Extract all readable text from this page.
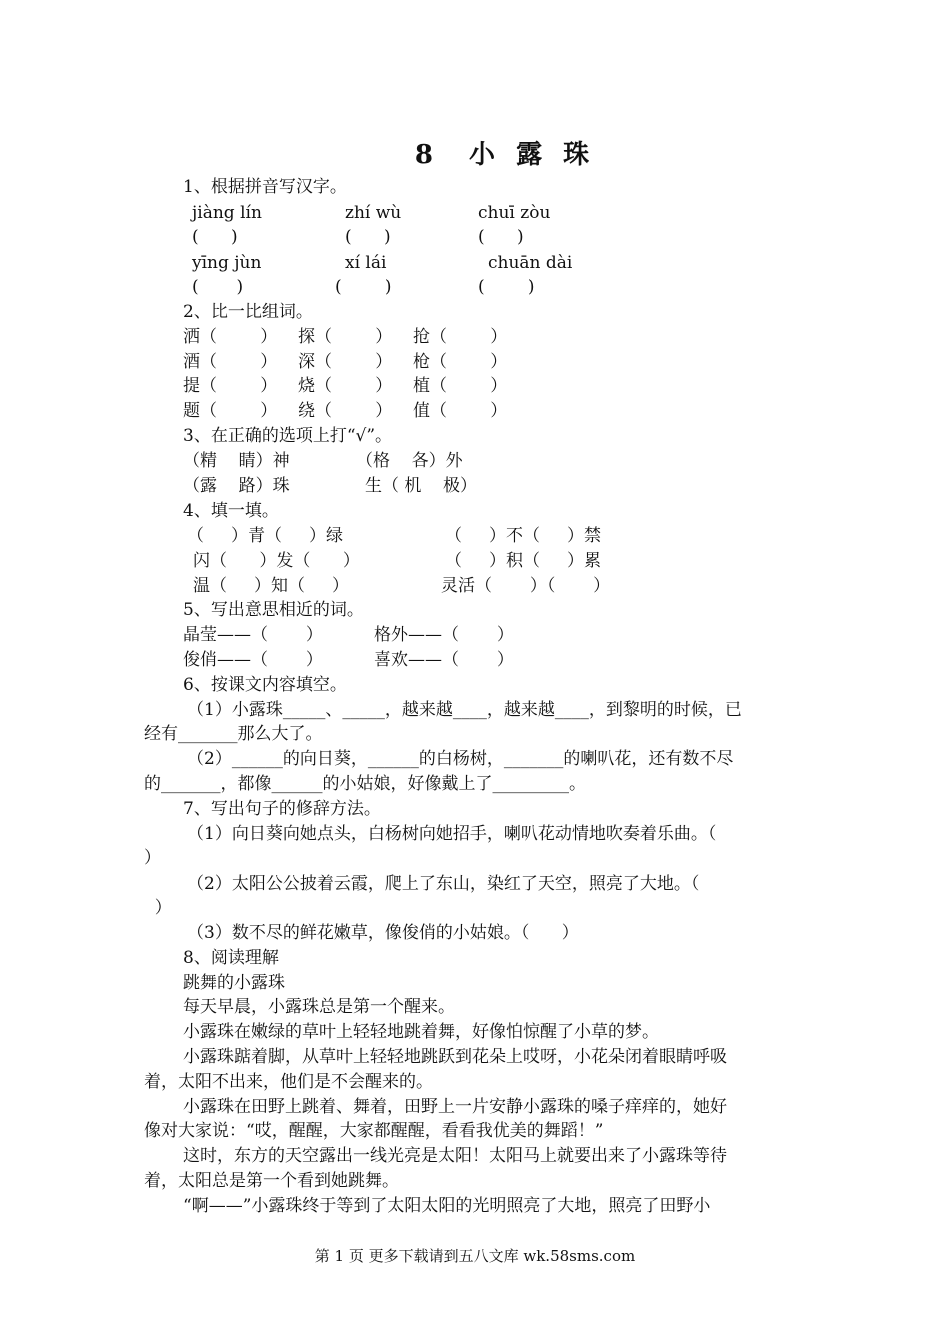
8  小 露 珠
1、根据拼音写汉字。
jiàng lín	zhí wù	chuī zòu
(      )	(      )	(      )
yīng jùn	xí lái	chuān dài
(       )	(        )	(        )
2、比一比组词。
洒（        ） 探（        ） 抢（        ）
酒（        ） 深（        ） 枪（        ）
提（        ） 烧（        ） 植（        ）
题（        ） 绕（        ） 值（        ）
3、在正确的选项上打“√”。
（精    睛）神	（格    各）外
（露    路）珠	生（ 机    极）
4、填一填。
（     ）青（     ）绿	（     ）不（     ）禁
闪（      ）发（      ）	（     ）积（     ）累
温（     ）知（     ）	灵活（       ）（       ）
5、写出意思相近的词。
晶莹——（       ）	格外——（       ）
俊俏——（       ）	喜欢——（       ）
6、按课文内容填空。
（1）小露珠_____、_____，越来越____，越来越____，到黎明的时候，已
经有_______那么大了。
（2）______的向日葵，______的白杨树，_______的喇叭花，还有数不尽
的_______，都像______的小姑娘，好像戴上了_________。
7、写出句子的修辞方法。
（1）向日葵向她点头，白杨树向她招手，喇叭花动情地吹奏着乐曲。（
）
（2）太阳公公披着云霞，爬上了东山，染红了天空，照亮了大地。（
）
（3）数不尽的鲜花嫩草，像俊俏的小姑娘。（      ）
8、阅读理解
跳舞的小露珠
每天早晨，小露珠总是第一个醒来。
小露珠在嫩绿的草叶上轻轻地跳着舞，好像怕惊醒了小草的梦。
小露珠踮着脚，从草叶上轻轻地跳跃到花朵上哎呀，小花朵闭着眼睛呼吸
着，太阳不出来，他们是不会醒来的。
小露珠在田野上跳着、舞着，田野上一片安静小露珠的嗓子痒痒的，她好
像对大家说：“哎，醒醒，大家都醒醒，看看我优美的舞蹈！”
这时，东方的天空露出一线光亮是太阳！太阳马上就要出来了小露珠等待
着，太阳总是第一个看到她跳舞。
“啊——”小露珠终于等到了太阳太阳的光明照亮了大地，照亮了田野小
第 1 页 更多下载请到五八文库 wk.58sms.com
